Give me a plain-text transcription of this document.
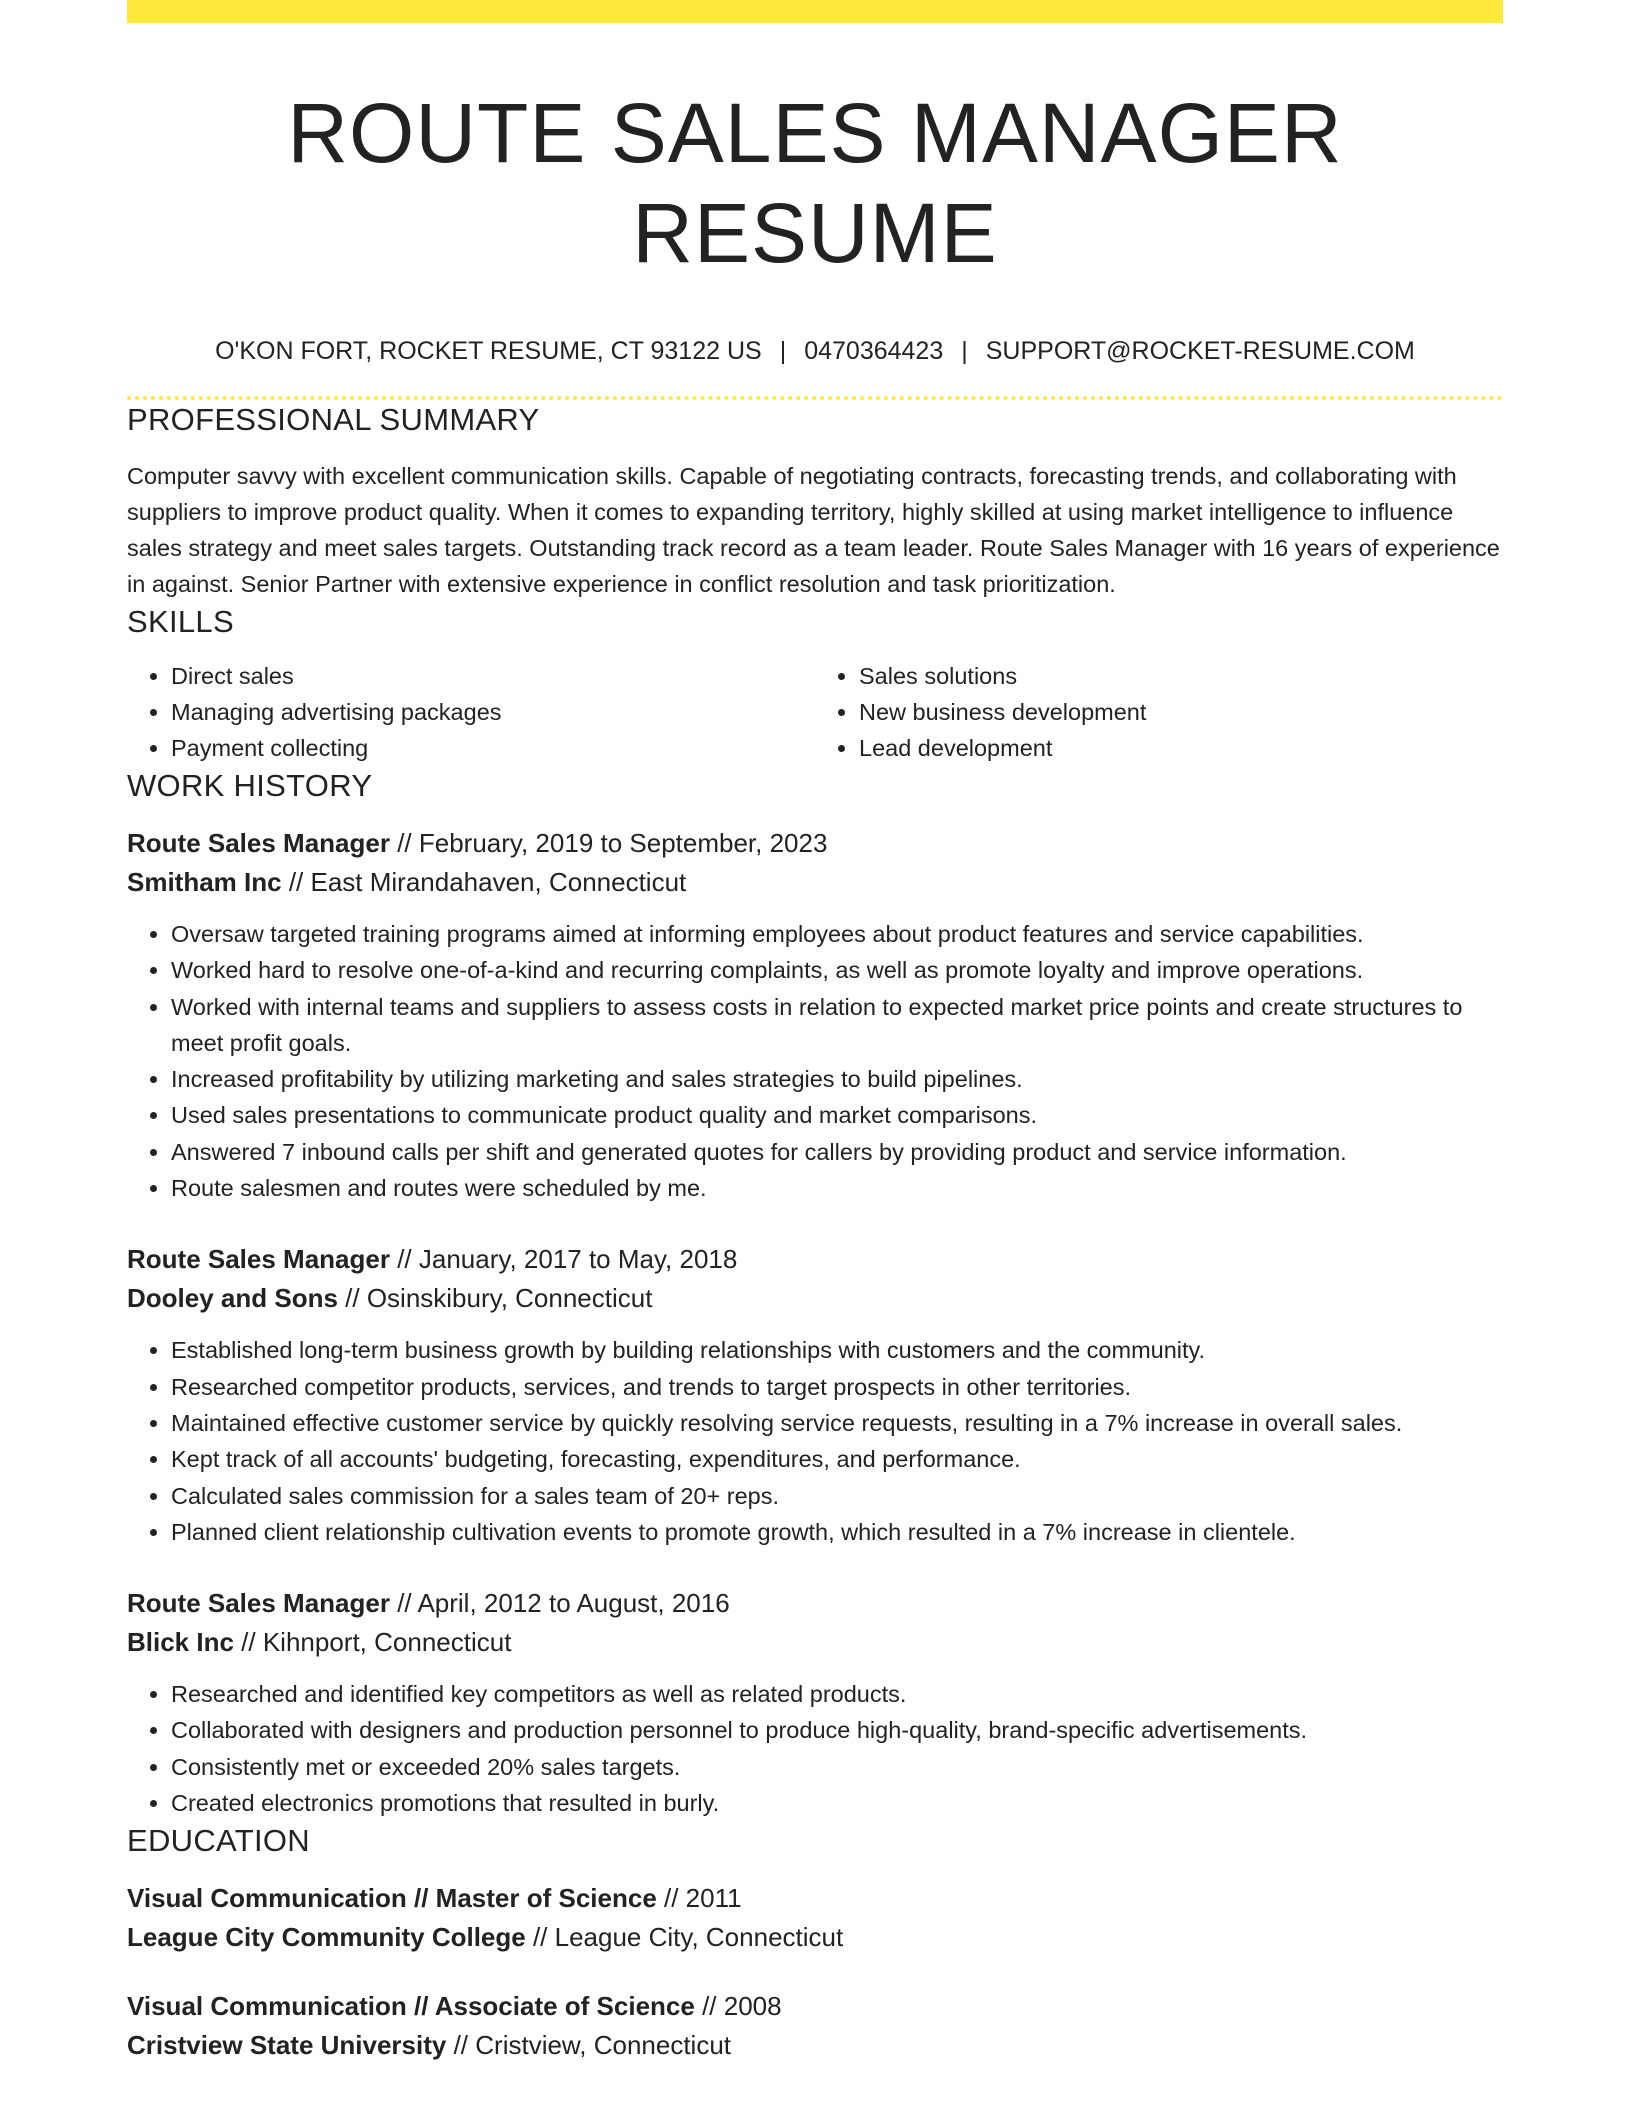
ROUTE SALES MANAGER RESUME
O'KON FORT, ROCKET RESUME, CT 93122 US | 0470364423 | SUPPORT@ROCKET-RESUME.COM
PROFESSIONAL SUMMARY

Computer savvy with excellent communication skills. Capable of negotiating contracts, forecasting trends, and collaborating with suppliers to improve product quality. When it comes to expanding territory, highly skilled at using market intelligence to influence sales strategy and meet sales targets. Outstanding track record as a team leader. Route Sales Manager with 16 years of experience in against. Senior Partner with extensive experience in conflict resolution and task prioritization.

SKILLS
• Direct sales
• Managing advertising packages
• Payment collecting
• Sales solutions
• New business development
• Lead development
WORK HISTORY
Route Sales Manager // February, 2019 to September, 2023
Smitham Inc // East Mirandahaven, Connecticut
• Oversaw targeted training programs aimed at informing employees about product features and service capabilities.
• Worked hard to resolve one-of-a-kind and recurring complaints, as well as promote loyalty and improve operations.
• Worked with internal teams and suppliers to assess costs in relation to expected market price points and create structures to meet profit goals.
• Increased profitability by utilizing marketing and sales strategies to build pipelines.
• Used sales presentations to communicate product quality and market comparisons.
• Answered 7 inbound calls per shift and generated quotes for callers by providing product and service information.
• Route salesmen and routes were scheduled by me.
Route Sales Manager // January, 2017 to May, 2018
Dooley and Sons // Osinskibury, Connecticut
• Established long-term business growth by building relationships with customers and the community.
• Researched competitor products, services, and trends to target prospects in other territories.
• Maintained effective customer service by quickly resolving service requests, resulting in a 7% increase in overall sales.
• Kept track of all accounts' budgeting, forecasting, expenditures, and performance.
• Calculated sales commission for a sales team of 20+ reps.
• Planned client relationship cultivation events to promote growth, which resulted in a 7% increase in clientele.
Route Sales Manager // April, 2012 to August, 2016
Blick Inc // Kihnport, Connecticut
• Researched and identified key competitors as well as related products.
• Collaborated with designers and production personnel to produce high-quality, brand-specific advertisements.
• Consistently met or exceeded 20% sales targets.
• Created electronics promotions that resulted in burly.
EDUCATION
Visual Communication // Master of Science // 2011
League City Community College // League City, Connecticut
Visual Communication // Associate of Science // 2008
Cristview State University // Cristview, Connecticut
